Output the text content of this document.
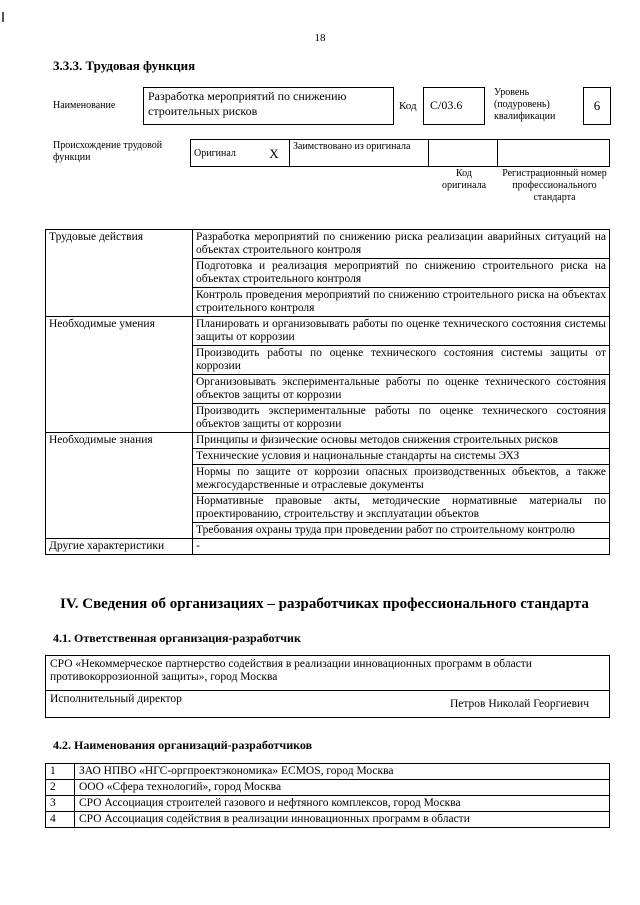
18
3.3.3. Трудовая функция
Наименование
Разработка мероприятий по снижению строительных рисков	Код	С/03.6
Уровень (подуровень) квалификации
6
Происхождение трудовой функции	Оригинал	X	Заимствовано из оригинала		
Код оригинала
Регистрационный номер профессионального стандарта
Трудовые действия	Разработка мероприятий по снижению риска реализации аварийных ситуаций на объектах строительного контроля
	Подготовка и реализация мероприятий по снижению строительного риска на объектах строительного контроля
	Контроль проведения мероприятий по снижению строительного риска на объектах строительного контроля
Необходимые умения	Планировать и организовывать работы по оценке технического состояния системы защиты от коррозии
	Производить работы по оценке технического состояния системы защиты от коррозии
	Организовывать экспериментальные работы по оценке технического состояния объектов защиты от коррозии
	Производить экспериментальные работы по оценке технического состояния объектов защиты от коррозии
Необходимые знания	Принципы и физические основы методов снижения строительных рисков
	Технические условия и национальные стандарты на системы ЭХЗ
	Нормы по защите от коррозии опасных производственных объектов, а также межгосударственные и отраслевые документы
	Нормативные правовые акты, методические нормативные материалы по проектированию, строительству и эксплуатации объектов
	Требования охраны труда при проведении работ по строительному контролю
Другие характеристики	-
IV. Сведения об организациях – разработчиках профессионального стандарта
4.1. Ответственная организация-разработчик
СРО «Некоммерческое партнерство содействия в реализации инновационных программ в области противокоррозионной защиты», город Москва
Исполнительный директор	Петров Николай Георгиевич
4.2. Наименования организаций-разработчиков
1	ЗАО НПВО «НГС-оргпроектэкономика» ECMOS, город Москва
2	ООО «Сфера технологий», город Москва
3	СРО Ассоциация строителей газового и нефтяного комплексов, город Москва
4	СРО Ассоциация содействия в реализации инновационных программ в области
